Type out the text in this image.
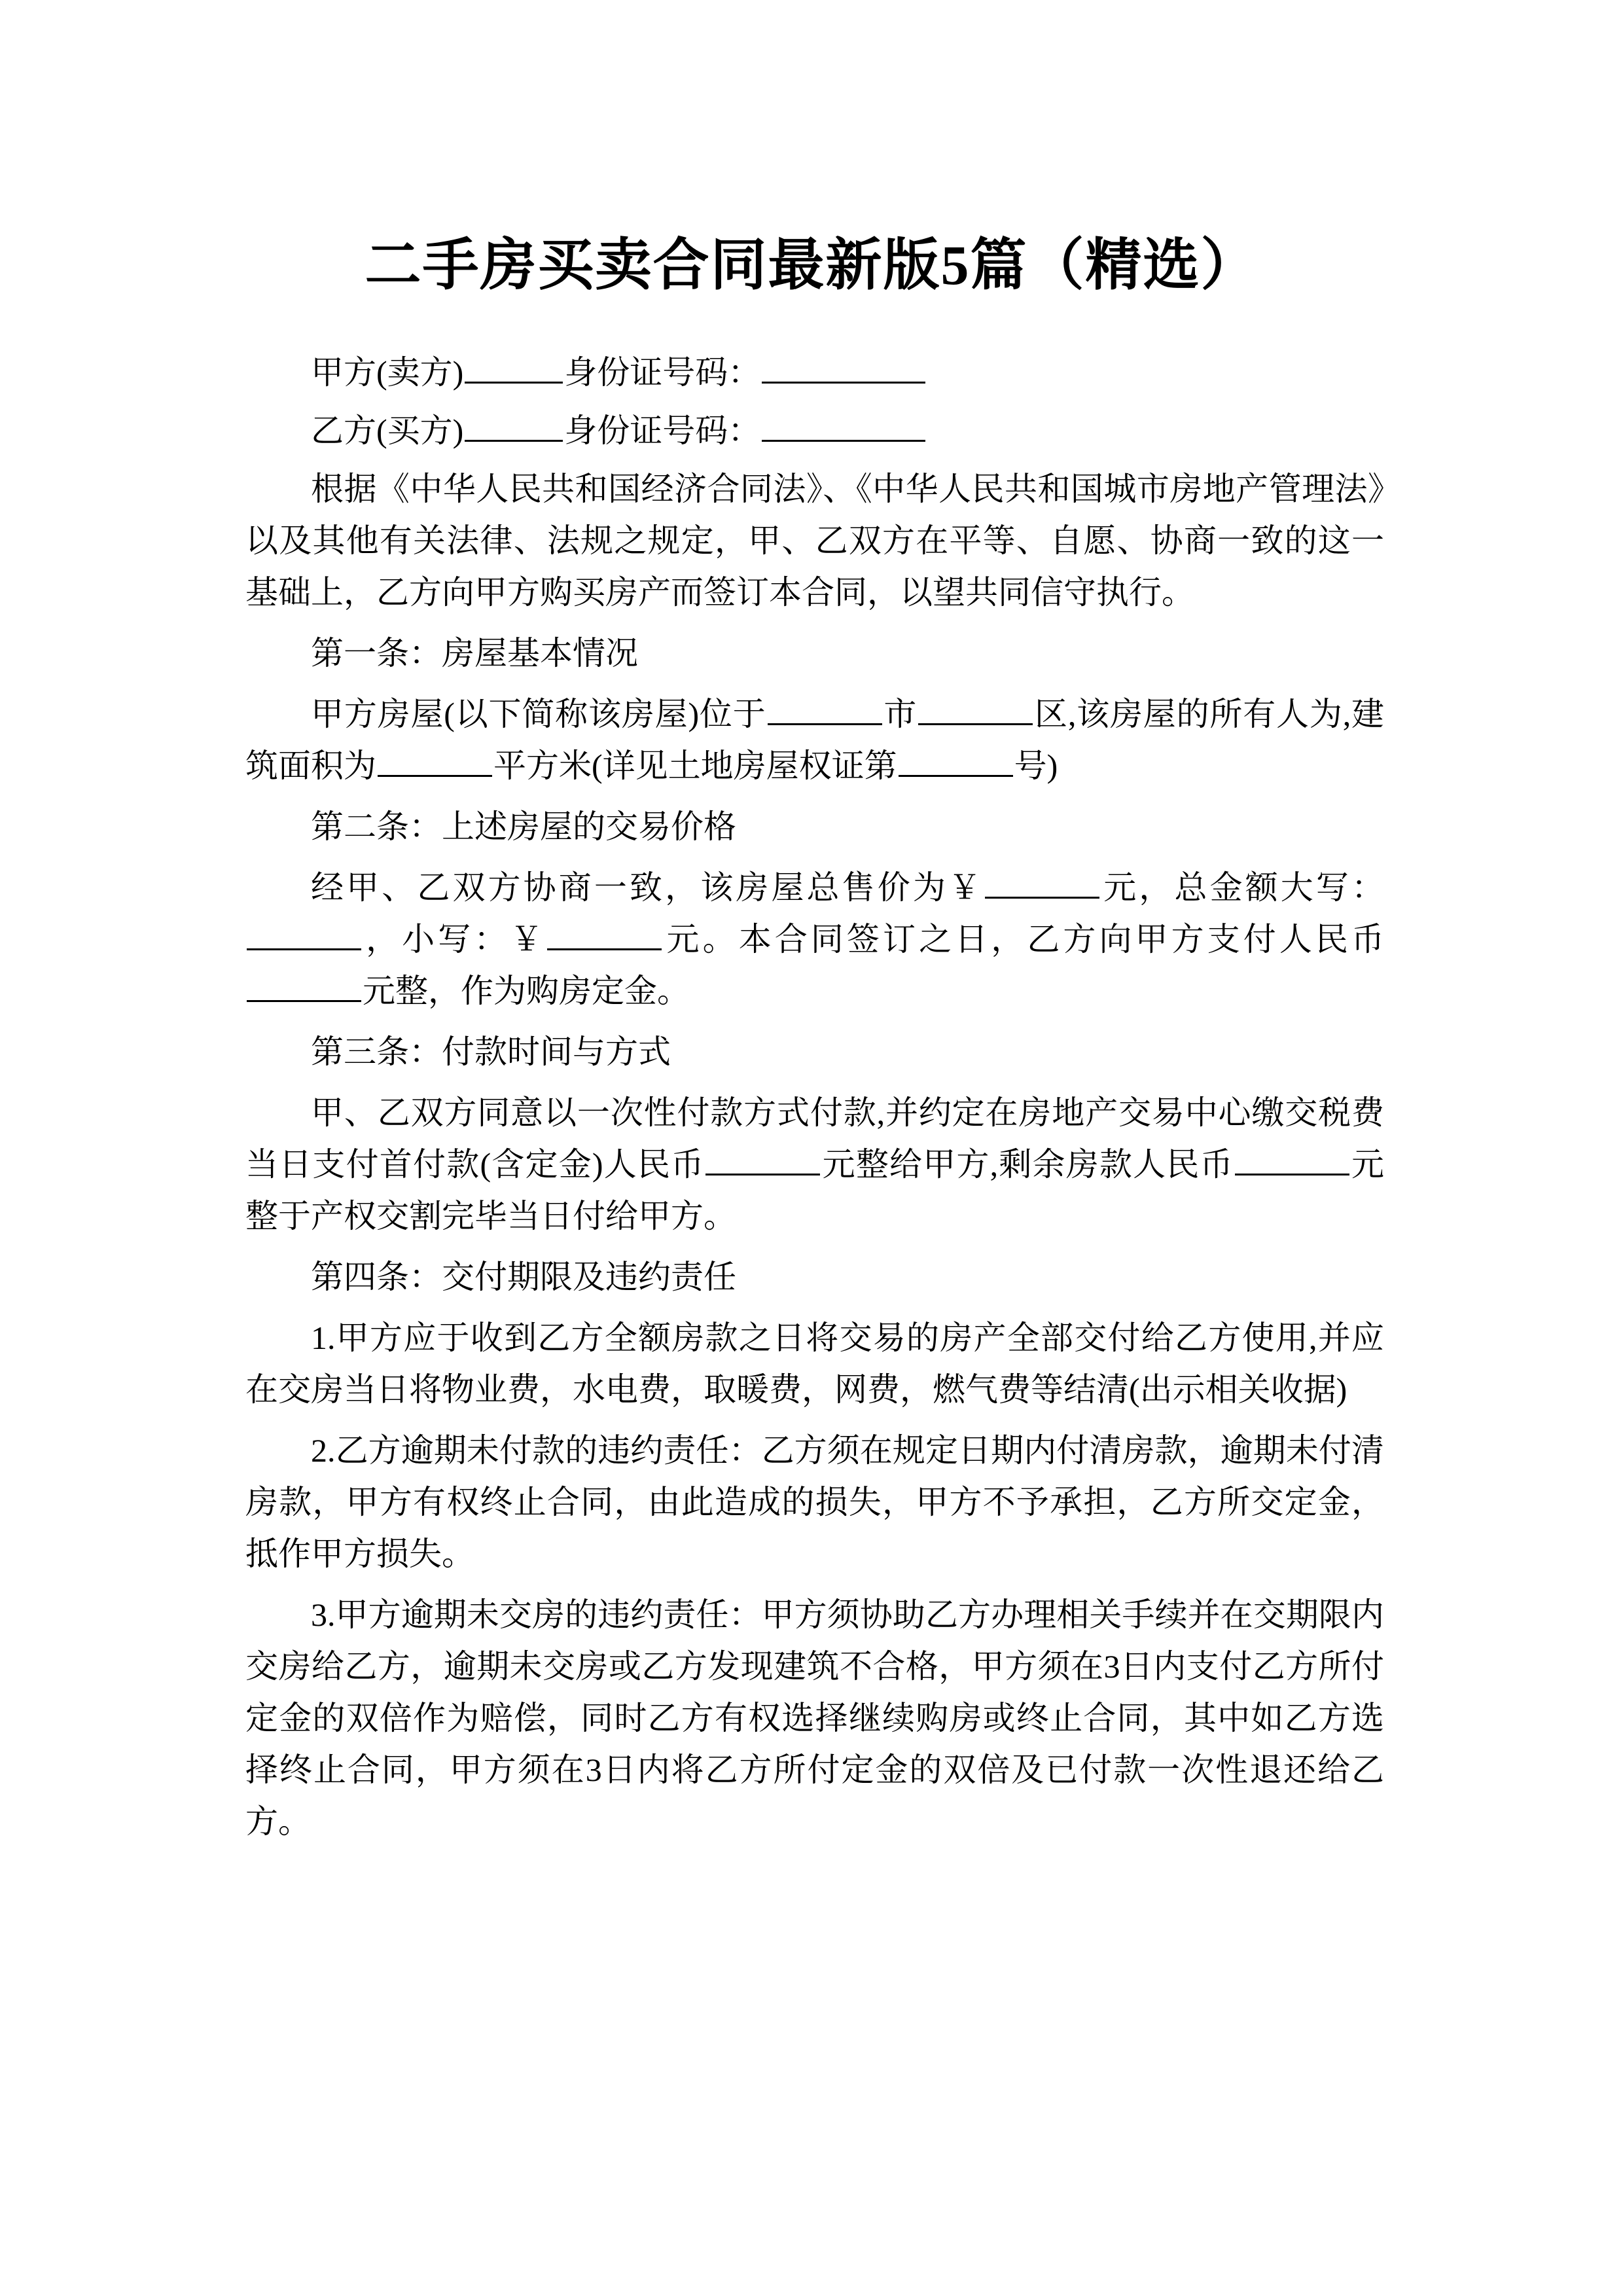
二手房买卖合同最新版5篇（精选）

甲方(卖方)	身份证号码：

乙方(买方)	身份证号码：

根据《中华人民共和国经济合同法》、《中华人民共和国城市房地产管理法》以及其他有关法律、法规之规定，甲、乙双方在平等、自愿、协商一致的这一基础上，乙方向甲方购买房产而签订本合同，以望共同信守执行。

第一条：房屋基本情况

甲方房屋(以下简称该房屋)位于	市	区,该房屋的所有人为,建筑面积为	平方米(详见土地房屋权证第	号)

第二条：上述房屋的交易价格

经甲、乙双方协商一致，该房屋总售价为￥	元，总金额大写：，小写：￥	元。本合同签订之日，乙方向甲方支付人民币元整，作为购房定金。

第三条：付款时间与方式

甲、乙双方同意以一次性付款方式付款,并约定在房地产交易中心缴交税费当日支付首付款(含定金)人民币	元整给甲方,剩余房款人民币	元整于产权交割完毕当日付给甲方。

第四条：交付期限及违约责任

1.甲方应于收到乙方全额房款之日将交易的房产全部交付给乙方使用,并应在交房当日将物业费，水电费，取暖费，网费，燃气费等结清(出示相关收据)

2.乙方逾期未付款的违约责任：乙方须在规定日期内付清房款，逾期未付清房款，甲方有权终止合同，由此造成的损失，甲方不予承担，乙方所交定金，抵作甲方损失。

3.甲方逾期未交房的违约责任：甲方须协助乙方办理相关手续并在交期限内交房给乙方，逾期未交房或乙方发现建筑不合格，甲方须在3日内支付乙方所付定金的双倍作为赔偿，同时乙方有权选择继续购房或终止合同，其中如乙方选择终止合同，甲方须在3日内将乙方所付定金的双倍及已付款一次性退还给乙方。
